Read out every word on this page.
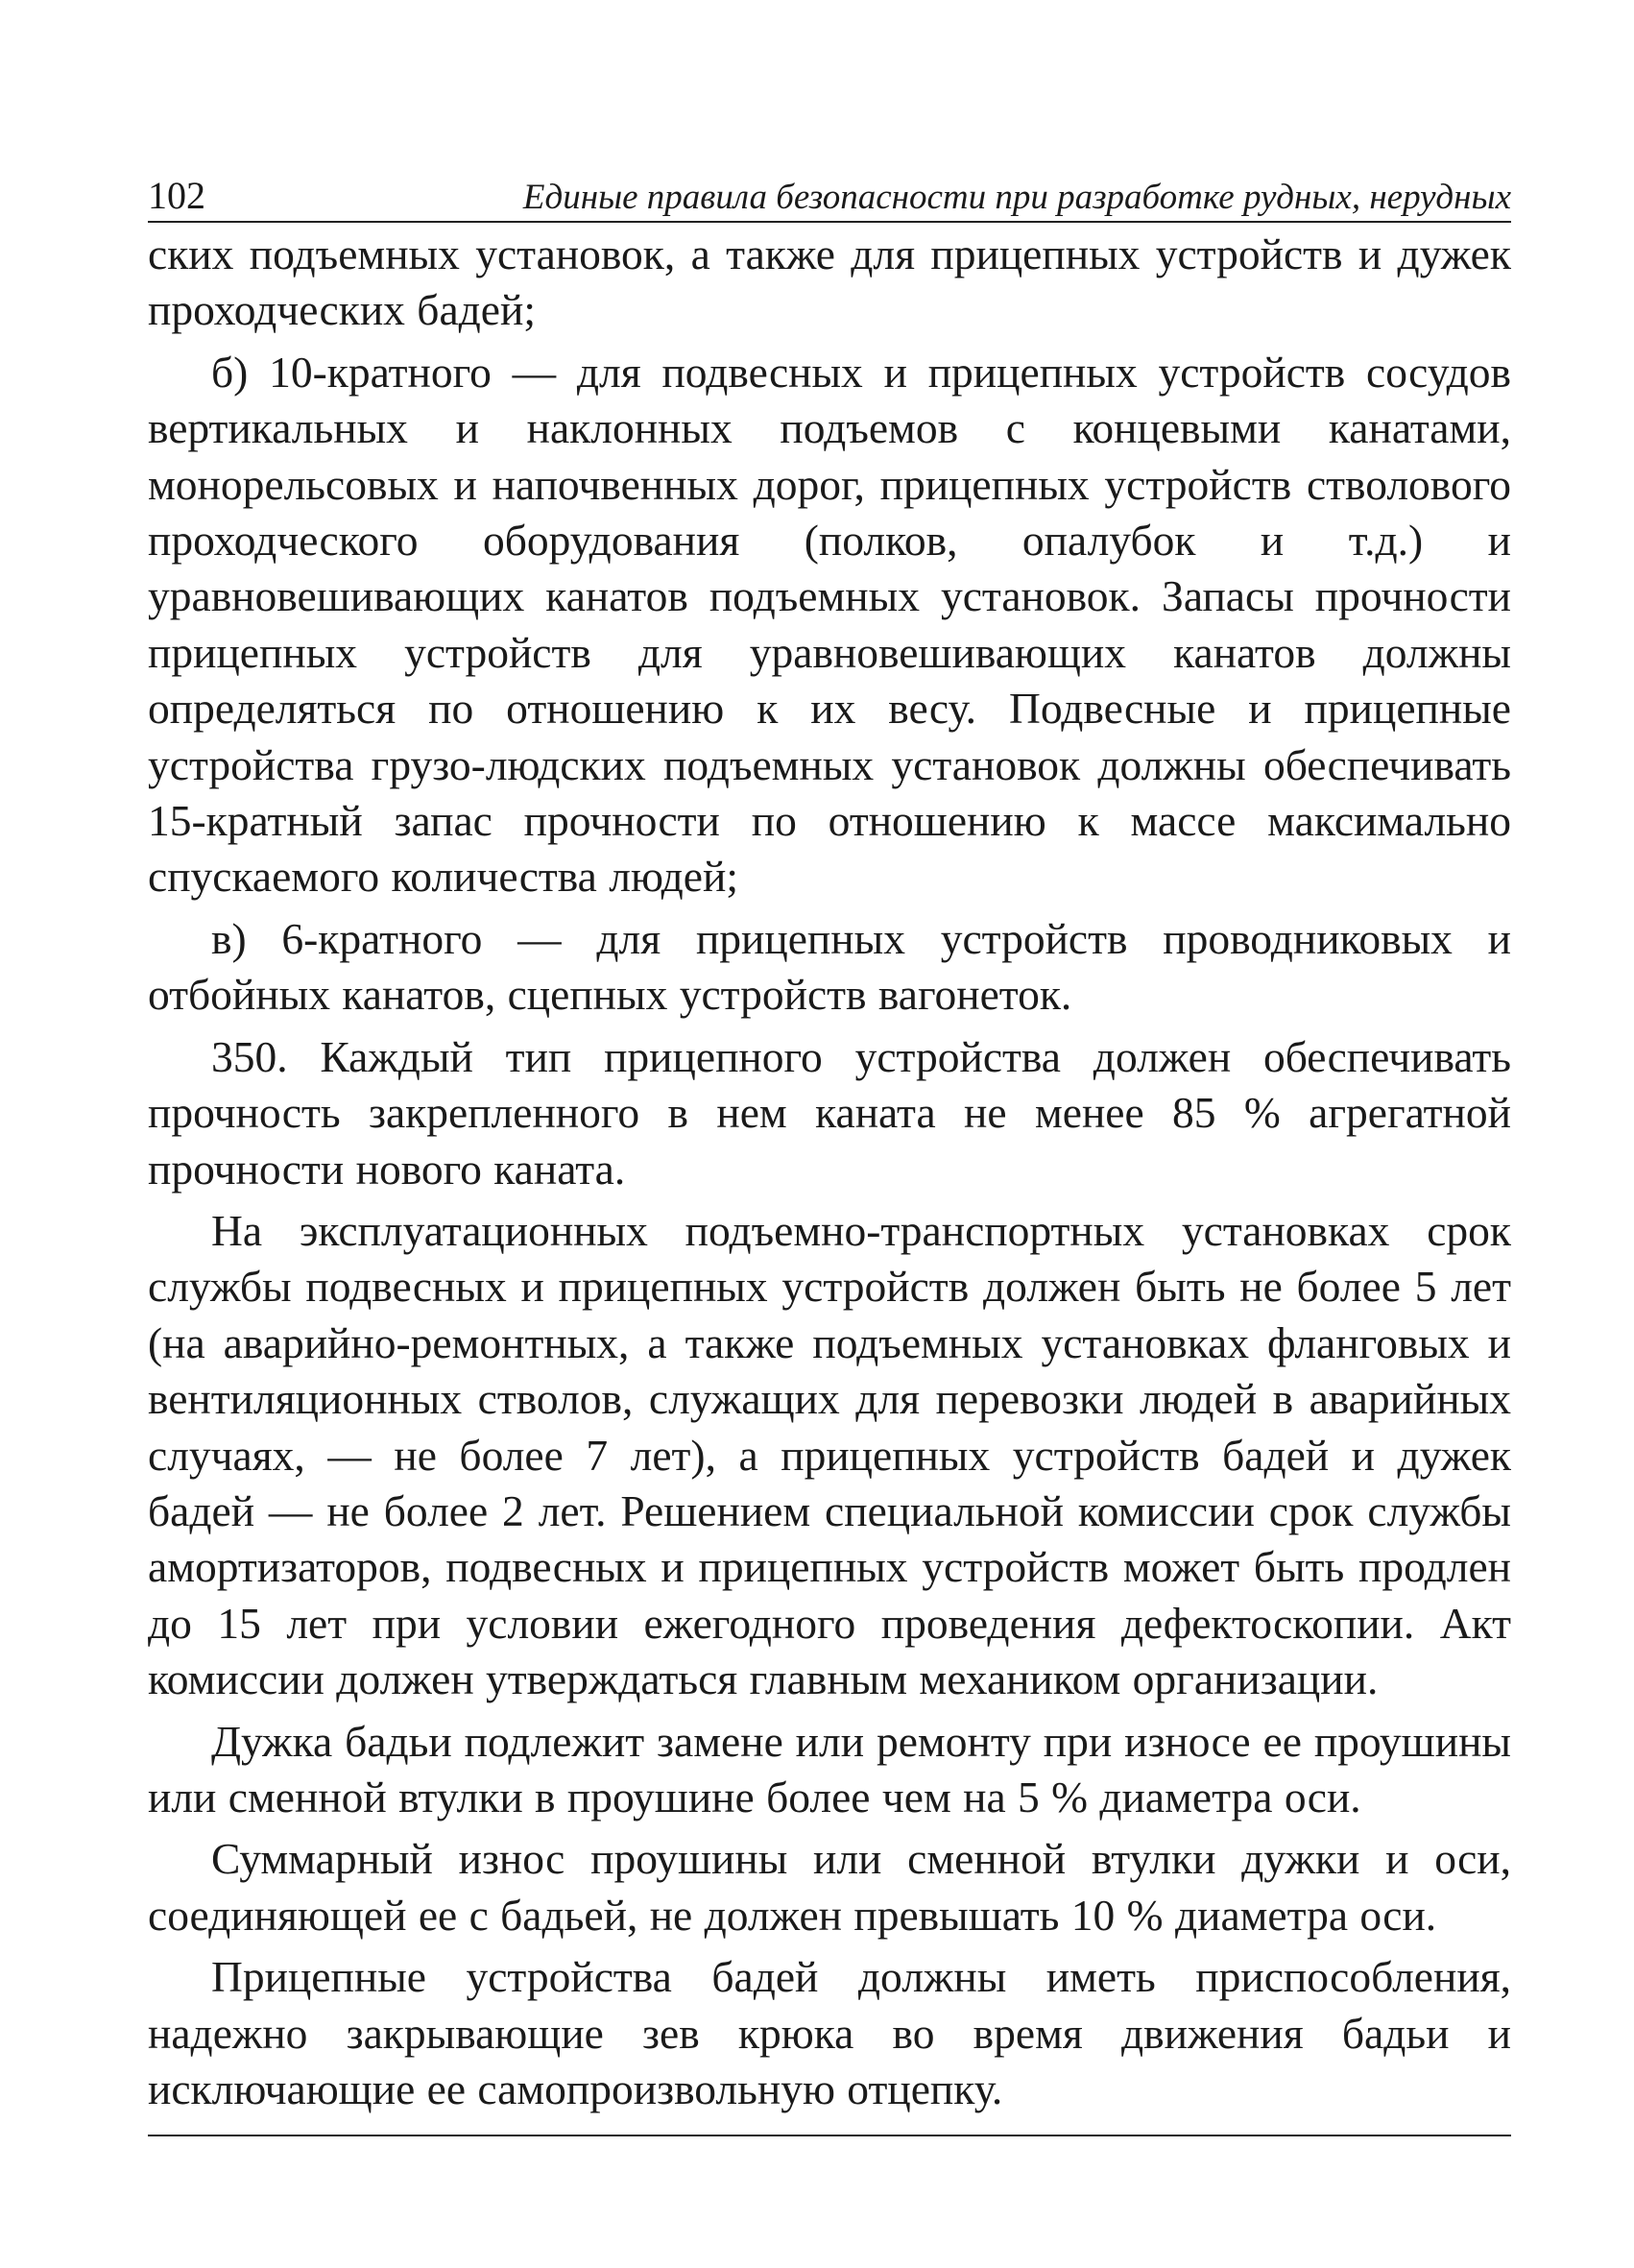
102	Единые правила безопасности при разработке рудных, нерудных

ских подъемных установок, а также для прицепных устройств и дужек проходческих бадей;

б) 10-кратного — для подвесных и прицепных устройств сосудов вертикальных и наклонных подъемов с концевыми канатами, монорельсовых и напочвенных дорог, прицепных устройств стволового проходческого оборудования (полков, опалубок и т.д.) и уравновешивающих канатов подъемных установок. Запасы прочности прицепных устройств для уравновешивающих канатов должны определяться по отношению к их весу. Подвесные и прицепные устройства грузо-людских подъемных установок должны обеспечивать 15-кратный запас прочности по отношению к массе максимально спускаемого количества людей;

в) 6-кратного — для прицепных устройств проводниковых и отбойных канатов, сцепных устройств вагонеток.

350. Каждый тип прицепного устройства должен обеспечивать прочность закрепленного в нем каната не менее 85 % агрегатной прочности нового каната.

На эксплуатационных подъемно-транспортных установках срок службы подвесных и прицепных устройств должен быть не более 5 лет (на аварийно-ремонтных, а также подъемных установках фланговых и вентиляционных стволов, служащих для перевозки людей в аварийных случаях, — не более 7 лет), а прицепных устройств бадей и дужек бадей — не более 2 лет. Решением специальной комиссии срок службы амортизаторов, подвесных и прицепных устройств может быть продлен до 15 лет при условии ежегодного проведения дефектоскопии. Акт комиссии должен утверждаться главным механиком организации.

Дужка бадьи подлежит замене или ремонту при износе ее проушины или сменной втулки в проушине более чем на 5 % диаметра оси.

Суммарный износ проушины или сменной втулки дужки и оси, соединяющей ее с бадьей, не должен превышать 10 % диаметра оси.

Прицепные устройства бадей должны иметь приспособления, надежно закрывающие зев крюка во время движения бадьи и исключающие ее самопроизвольную отцепку.
